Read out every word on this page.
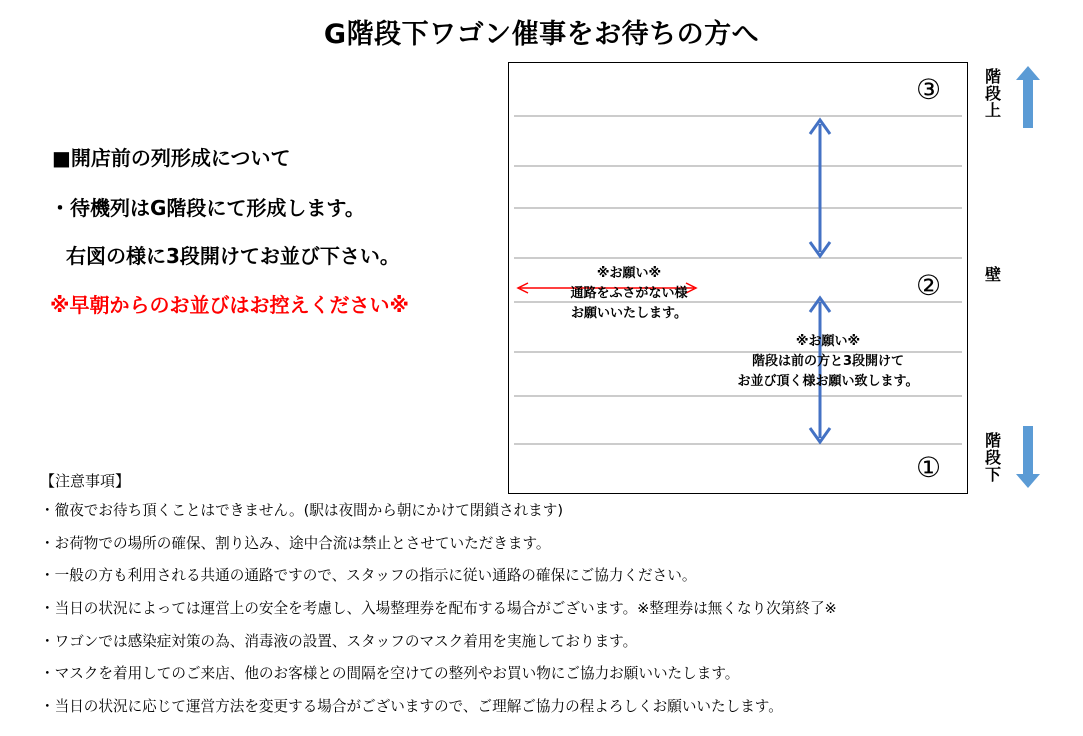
G階段下ワゴン催事をお待ちの方へ
■開店前の列形成について
・待機列はG階段にて形成します。
右図の様に3段開けてお並び下さい。
※早朝からのお並びはお控えください※
③
②
①
※お願い※
通路をふさがない様
お願いいたします。
※お願い※
階段は前の方と3段開けて
お並び頂く様お願い致します。
階
段
上
壁
階
段
下
【注意事項】
・徹夜でお待ち頂くことはできません。(駅は夜間から朝にかけて閉鎖されます)
・お荷物での場所の確保、割り込み、途中合流は禁止とさせていただきます。
・一般の方も利用される共通の通路ですので、スタッフの指示に従い通路の確保にご協力ください。
・当日の状況によっては運営上の安全を考慮し、入場整理券を配布する場合がございます。※整理券は無くなり次第終了※
・ワゴンでは感染症対策の為、消毒液の設置、スタッフのマスク着用を実施しております。
・マスクを着用してのご来店、他のお客様との間隔を空けての整列やお買い物にご協力お願いいたします。
・当日の状況に応じて運営方法を変更する場合がございますので、ご理解ご協力の程よろしくお願いいたします。
